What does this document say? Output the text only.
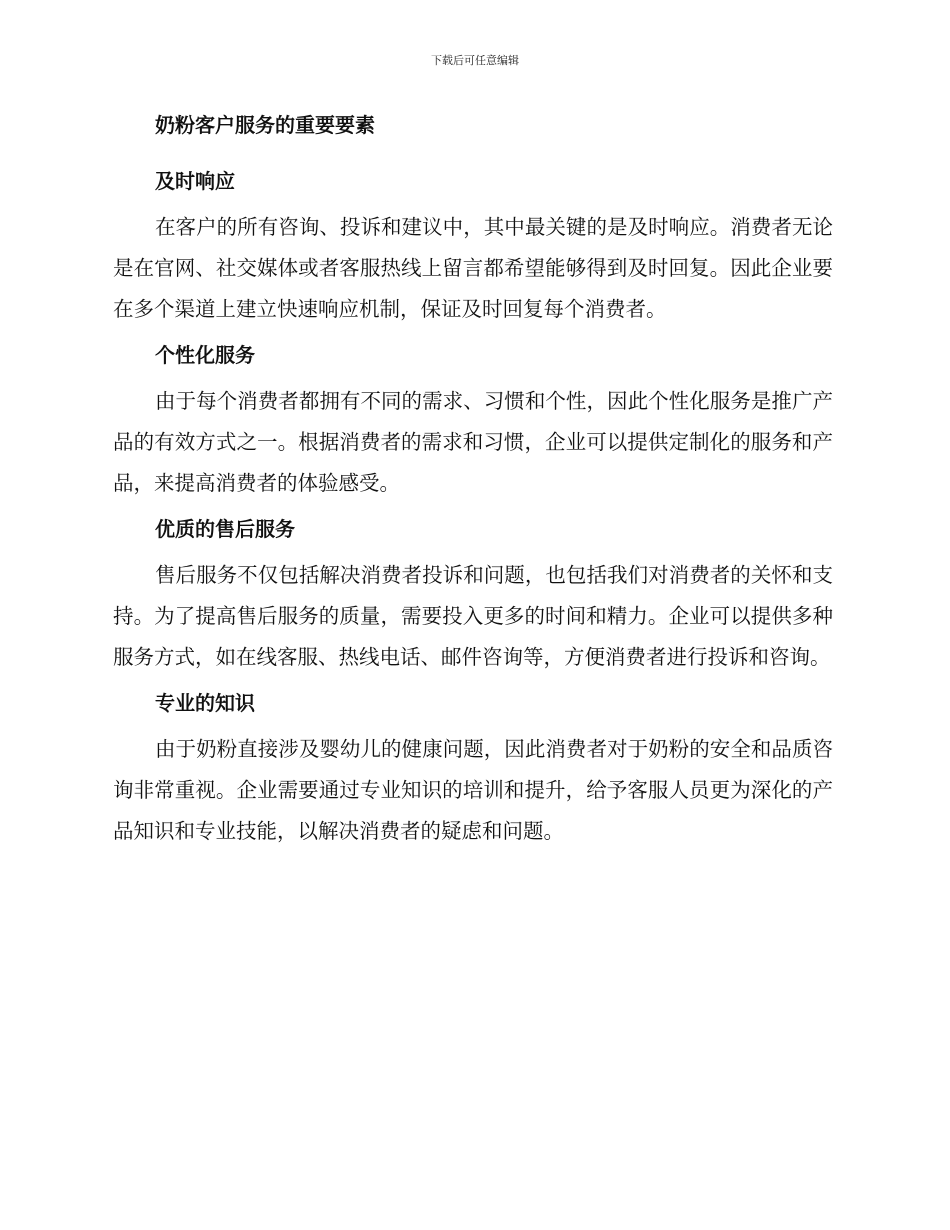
下载后可任意编辑
奶粉客户服务的重要要素
及时响应

在客户的所有咨询、投诉和建议中，其中最关键的是及时响应。消费者无论是在官网、社交媒体或者客服热线上留言都希望能够得到及时回复。因此企业要在多个渠道上建立快速响应机制，保证及时回复每个消费者。

个性化服务

由于每个消费者都拥有不同的需求、习惯和个性，因此个性化服务是推广产品的有效方式之一。根据消费者的需求和习惯，企业可以提供定制化的服务和产品，来提高消费者的体验感受。

优质的售后服务

售后服务不仅包括解决消费者投诉和问题，也包括我们对消费者的关怀和支持。为了提高售后服务的质量，需要投入更多的时间和精力。企业可以提供多种服务方式，如在线客服、热线电话、邮件咨询等，方便消费者进行投诉和咨询。

专业的知识

由于奶粉直接涉及婴幼儿的健康问题，因此消费者对于奶粉的安全和品质咨询非常重视。企业需要通过专业知识的培训和提升，给予客服人员更为深化的产品知识和专业技能，以解决消费者的疑虑和问题。
